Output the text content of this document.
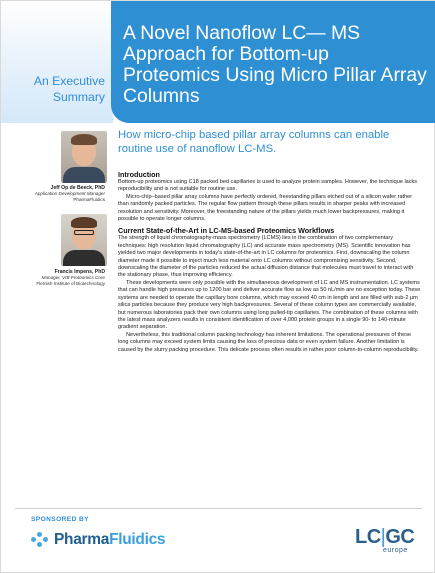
A Novel Nanoflow LC— MS Approach for Bottom-up Proteomics Using Micro Pillar Array Columns
An Executive
Summary
How micro-chip based pillar array columns can enable routine use of nanoflow LC-MS.
Jeff Op de Beeck, PhD
Application Development Manager
PharmaFluidics
Francis Impens, PhD
Manager, VIB Proteomics Core
Flemish Institute of Biotechnology
Introduction

Bottom-up proteomics using C18 packed bed capillaries is used to analyze protein samples. However, the technique lacks reproducibility and is not suitable for routine use.

Micro-chip–based pillar array columns have perfectly ordered, freestanding pillars etched out of a silicon wafer rather than randomly packed particles. The regular flow pattern through these pillars results in sharper peaks with increased resolution and sensitivity. Moreover, the freestanding nature of the pillars yields much lower backpressures, making it possible to operate longer columns.

Current State-of-the-Art in LC-MS-based Proteomics Workflows

The strength of liquid chromatography-mass spectrometry (LCMS) lies in the combination of two complementary techniques: high resolution liquid chromatography (LC) and accurate mass spectrometry (MS). Scientific innovation has yielded two major developments in today's state-of-the-art in LC columns for proteomics. First, downscaling the column diameter made it possible to inject much less material onto LC columns without compromising sensitivity. Second, downscaling the diameter of the particles reduced the actual diffusion distance that molecules must travel to interact with the stationary phase, thus improving efficiency.

These developments were only possible with the simultaneous development of LC and MS instrumentation. LC systems that can handle high pressures up to 1200 bar and deliver accurate flow as low as 50 nL/min are no exception today. These systems are needed to operate the capillary bore columns, which may exceed 40 cm in length and are filled with sub-2 µm silica particles because they produce very high backpressures. Several of these column types are commercially available, but numerous laboratories pack their own columns using long pulled-tip capillaries. The combination of these columns with the latest mass analyzers results in consistent identification of over 4,000 protein groups in a single 90- to 140-minute gradient separation.

Nevertheless, this traditional column packing technology has inherent limitations. The operational pressures of these long columns may exceed system limits causing the loss of precious data or even system failure. Another limitation is caused by the slurry packing procedure. This delicate process often results in rather poor column-to-column reproducibility.

SPONSORED BY
PharmaFluidics	LC|GC
europe
